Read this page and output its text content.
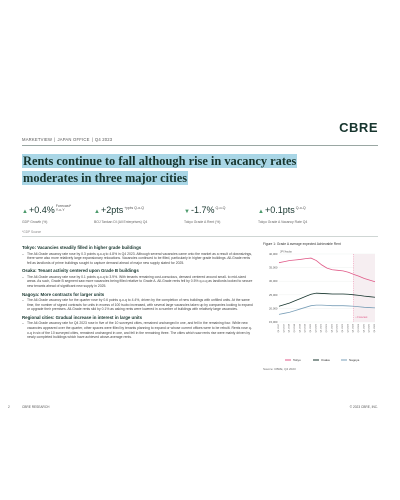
CBRE
MARKETVIEW | JAPAN OFFICE | Q4 2023
Rents continue to fall although rise in vacancy rates
moderates in three major cities
▲+0.4%Forecast*
Y-o-Y
GDP Growth (%)
▲+2pts+ppts Q-o-Q
BOJ Tankan DI (All Enterprises) Q4
▼-1.7%Q-o-Q
Tokyo Grade A Rent (%)
▲+0.1ptsQ-o-Q
Tokyo Grade A Vacancy Rate Q4
*GDP Source
Tokyo: Vacancies steadily filled in higher grade buildings
– The All-Grade vacancy rate rose by 0.3 points q-o-q to 4.8% in Q4 2023. Although several vacancies came onto the market as a result of downsizings, there were also more relatively large expansionary relocations. Vacancies continued to be filled, particularly in higher grade buildings. All-Grade rents fell as landlords of prime buildings sought to capture demand ahead of major new supply slated for 2025.
Osaka: Tenant activity centered upon Grade B buildings
– The All-Grade vacancy rate rose by 0.1 points q-o-q to 3.9%. With tenants remaining cost-conscious, demand centered around small- to mid-sized areas. As such, Grade B segment saw more vacancies being filled relative to Grade A. All-Grade rents fell by 0.5% q-o-q as landlords looked to secure new tenants ahead of significant new supply in 2025.
Nagoya: More contracts for larger units
– The All-Grade vacancy rate for the quarter rose by 0.6 points q-o-q to 4.4%, driven by the completion of new buildings with unfilled units. At the same time, the number of signed contracts for units in excess of 100 tsubo increased, with several large vacancies taken up by companies looking to expand or upgrade their premises. All-Grade rents slid by 0.1% as asking rents were lowered in a number of buildings with relatively large vacancies.
Regional cities: Gradual increase in interest in large units
– The All-Grade vacancy rate for Q4 2023 rose in five of the 10 surveyed cities, remained unchanged in one, and fell in the remaining four. While new vacancies appeared over the quarter, other spaces were filled by tenants planning to expand or whose current offices were to be rebuilt. Rents rose q-o-q in six of the 10 surveyed cities, remained unchanged in one, and fell in the remaining three. The cities which saw rents rise were mainly driven by newly completed buildings which have achieved above-average rents.
Figure 1: Grade A average expected Achievable Rent
40,000
35,000
30,000
25,000
20,000
15,000
JPY/tsubo
▪ Forecast
Q1 2017 Q3 2017 Q1 2018 Q3 2018 Q1 2019 Q3 2019 Q1 2020 Q3 2020 Q1 2021 Q3 2021 Q1 2022 Q3 2022 Q1 2023 Q3 2023 Q1 2024 Q3 2024 Q1 2025 Q3 2025 Q1 2026
Tokyo	Osaka	Nagoya
Source: CBRE, Q4 2023
2	CBRE RESEARCH	© 2023 CBRE, INC.
